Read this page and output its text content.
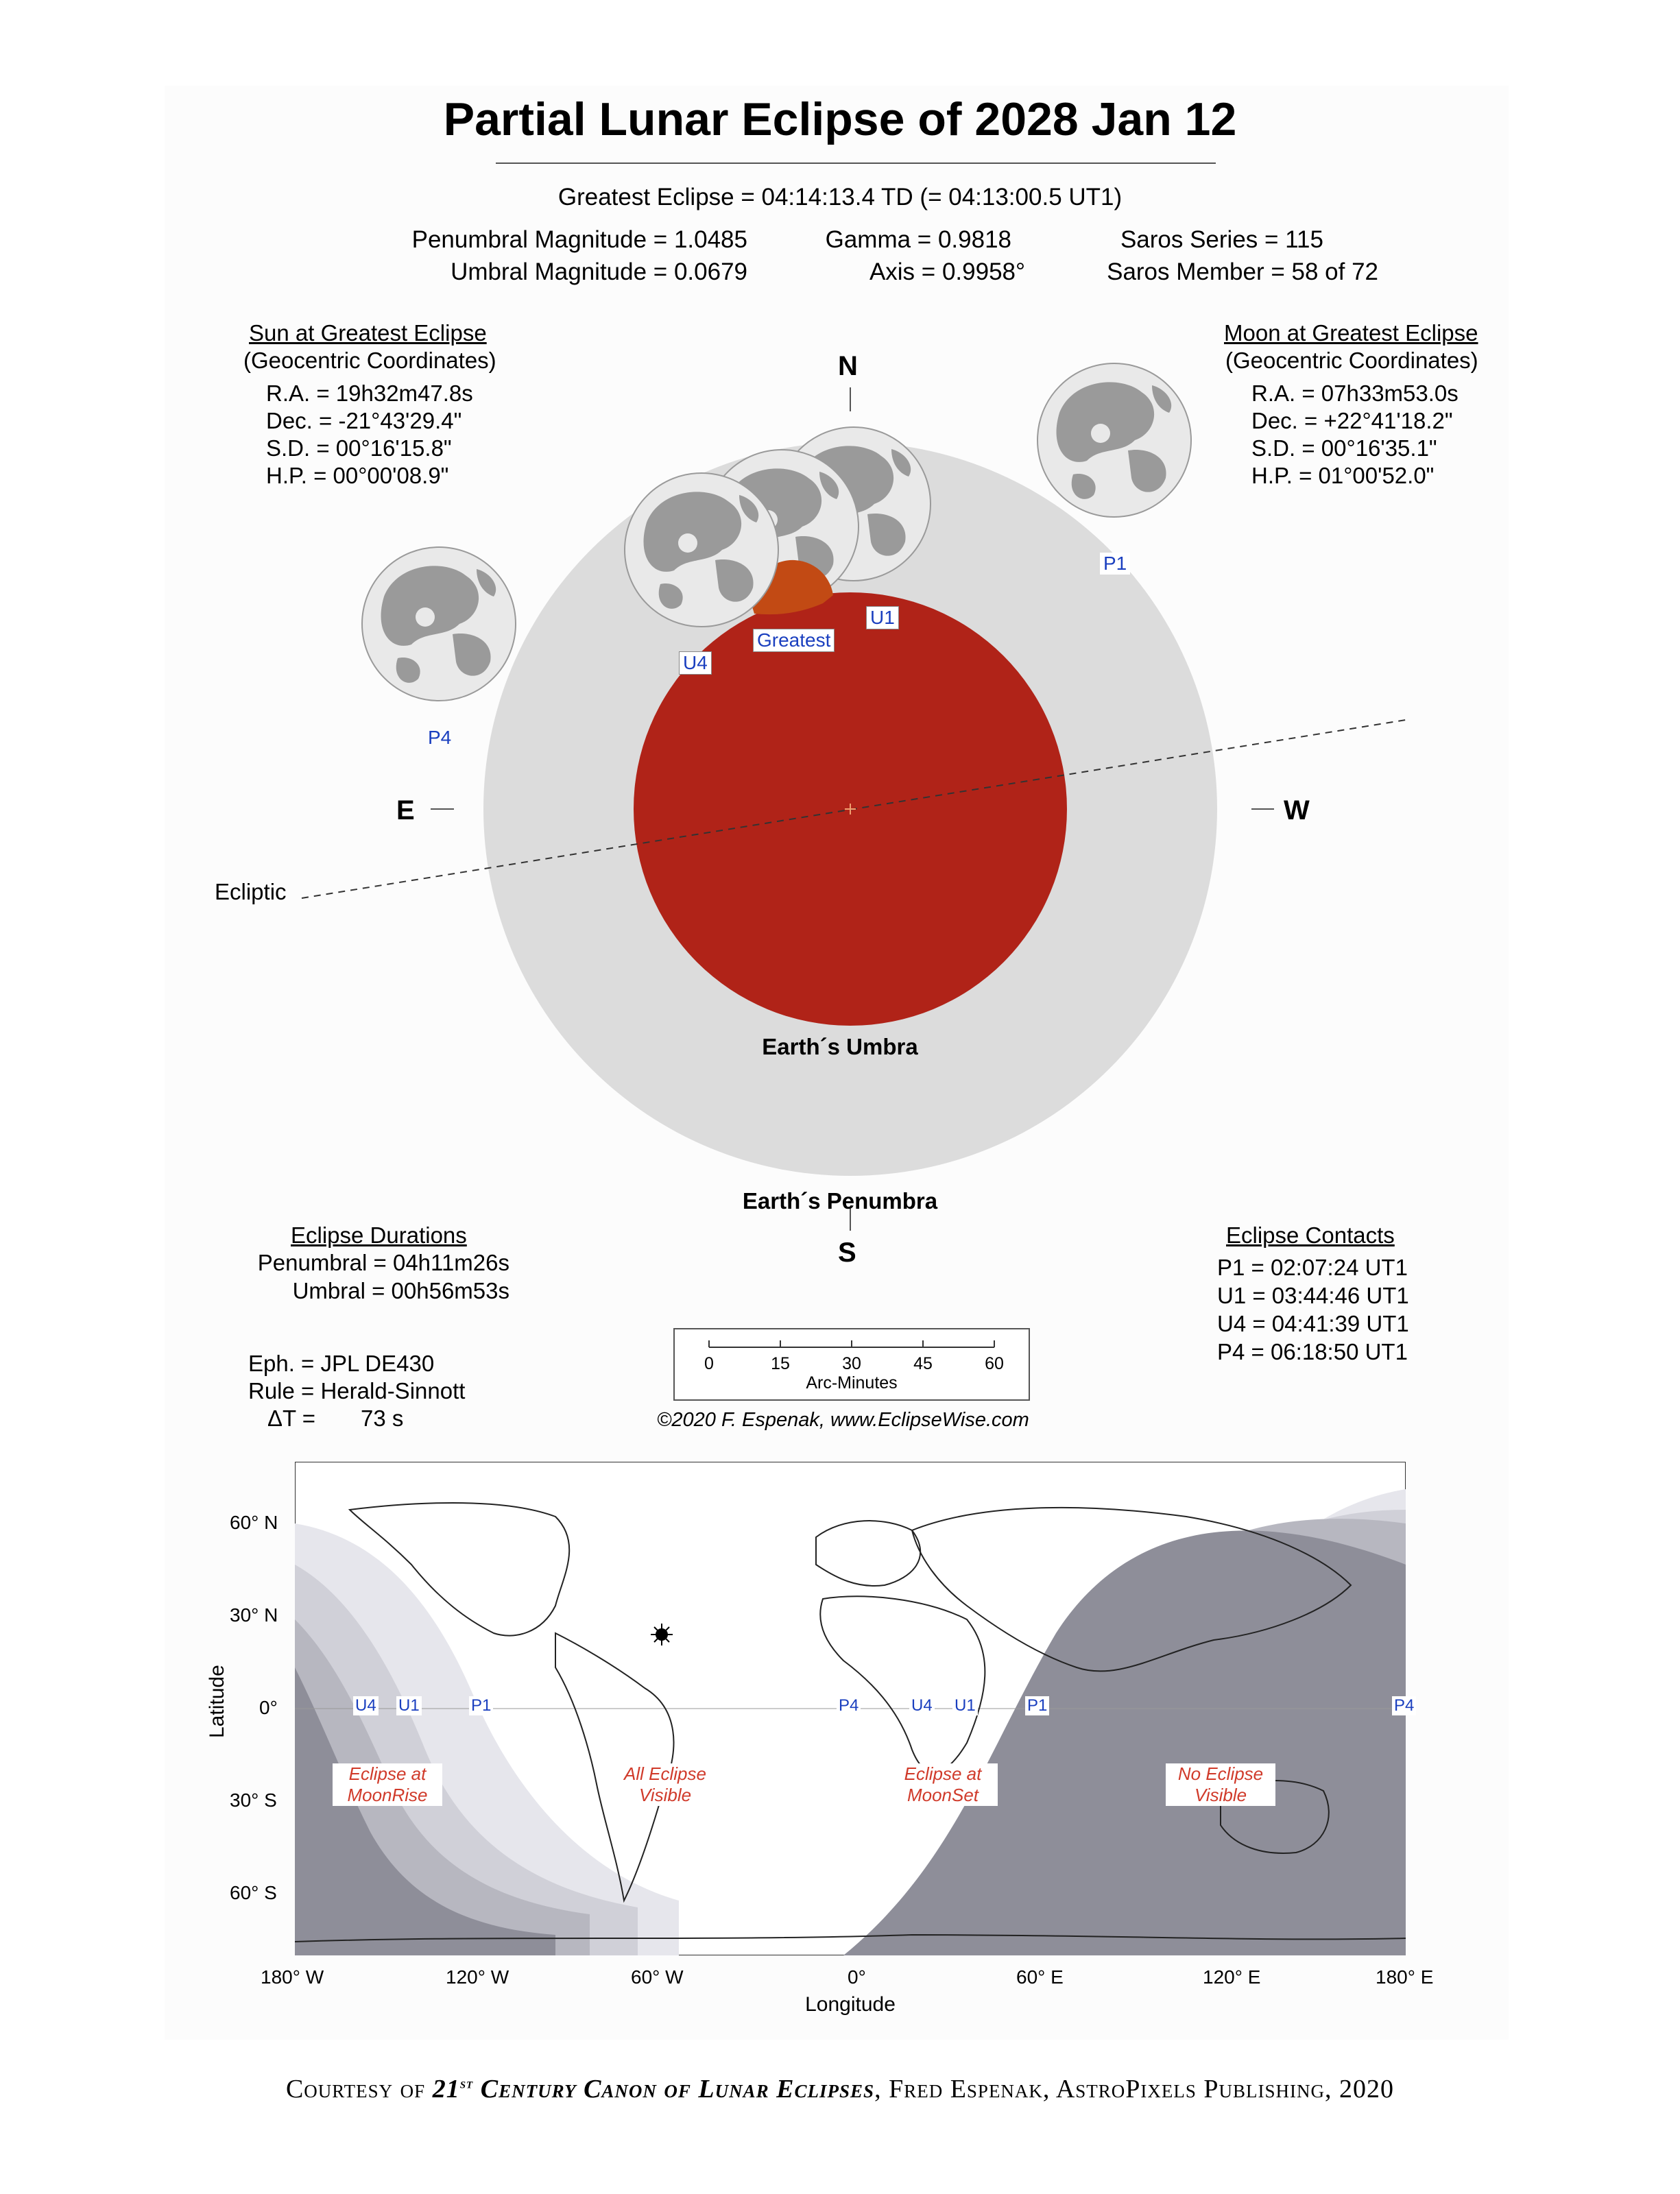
Partial Lunar Eclipse of 2028 Jan 12
Greatest Eclipse = 04:14:13.4 TD (= 04:13:00.5 UT1)
Penumbral Magnitude = 1.0485
Umbral Magnitude = 0.0679
Gamma = 0.9818
Axis = 0.9958°
Saros Series = 115
Saros Member = 58 of 72
Sun at Greatest Eclipse
(Geocentric Coordinates)
R.A. = 19h32m47.8s
Dec. = -21°43'29.4"
S.D. = 00°16'15.8"
H.P. = 00°00'08.9"
Moon at Greatest Eclipse
(Geocentric Coordinates)
R.A. = 07h33m53.0s
Dec. = +22°41'18.2"
S.D. = 00°16'35.1"
H.P. = 01°00'52.0"
N
S
E	W
Ecliptic
Earth´s Umbra
Earth´s Penumbra
P1
U1
Greatest
U4
P4
Eclipse Durations
Penumbral = 04h11m26s
Umbral = 00h56m53s
Eclipse Contacts
P1 = 02:07:24 UT1
U1 = 03:44:46 UT1
U4 = 04:41:39 UT1
P4 = 06:18:50 UT1
Eph. = JPL DE430
Rule = Herald-Sinnott
ΔT = 73 s
0	15	30	45	60
Arc-Minutes
©2020 F. Espenak, www.EclipseWise.com
U4 U1	P1	P4	U4 U1	P1	P4
Eclipse at
MoonRise
All Eclipse
Visible
Eclipse at
MoonSet
No Eclipse
Visible
60° N
30° N
0°
30° S
60° S
Latitude
180° W	120° W	60° W	0°	60° E	120° E	180° E
Longitude
Courtesy of 21st Century Canon of Lunar Eclipses, Fred Espenak, AstroPixels Publishing, 2020
